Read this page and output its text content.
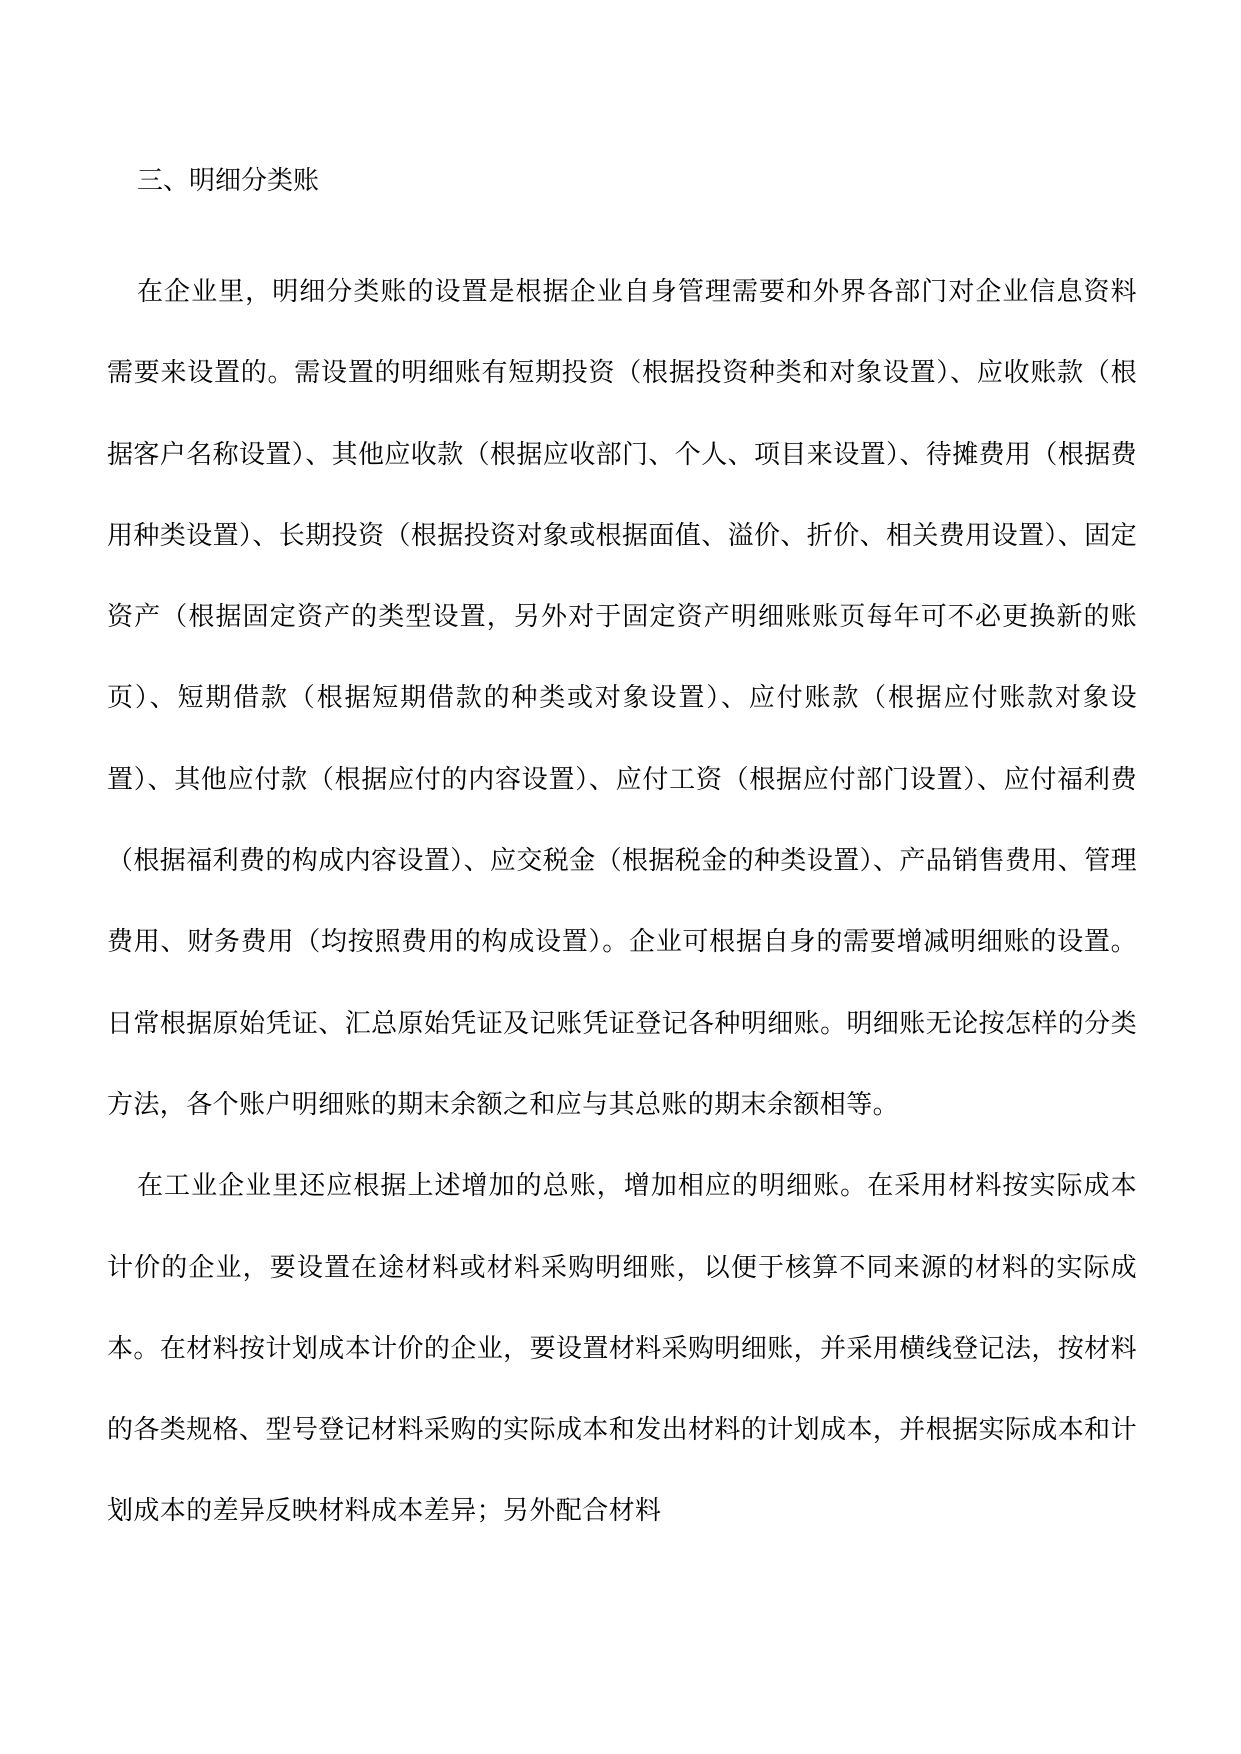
三、明细分类账

在企业里，明细分类账的设置是根据企业自身管理需要和外界各部门对企业信息资料需要来设置的。需设置的明细账有短期投资（根据投资种类和对象设置）、应收账款（根据客户名称设置）、其他应收款（根据应收部门、个人、项目来设置）、待摊费用（根据费用种类设置）、长期投资（根据投资对象或根据面值、溢价、折价、相关费用设置）、固定资产（根据固定资产的类型设置，另外对于固定资产明细账账页每年可不必更换新的账页）、短期借款（根据短期借款的种类或对象设置）、应付账款（根据应付账款对象设置）、其他应付款（根据应付的内容设置）、应付工资（根据应付部门设置）、应付福利费（根据福利费的构成内容设置）、应交税金（根据税金的种类设置）、产品销售费用、管理费用、财务费用（均按照费用的构成设置）。企业可根据自身的需要增减明细账的设置。日常根据原始凭证、汇总原始凭证及记账凭证登记各种明细账。明细账无论按怎样的分类方法，各个账户明细账的期末余额之和应与其总账的期末余额相等。

在工业企业里还应根据上述增加的总账，增加相应的明细账。在采用材料按实际成本计价的企业，要设置在途材料或材料采购明细账，以便于核算不同来源的材料的实际成本。在材料按计划成本计价的企业，要设置材料采购明细账，并采用横线登记法，按材料的各类规格、型号登记材料采购的实际成本和发出材料的计划成本，并根据实际成本和计划成本的差异反映材料成本差异；另外配合材料
